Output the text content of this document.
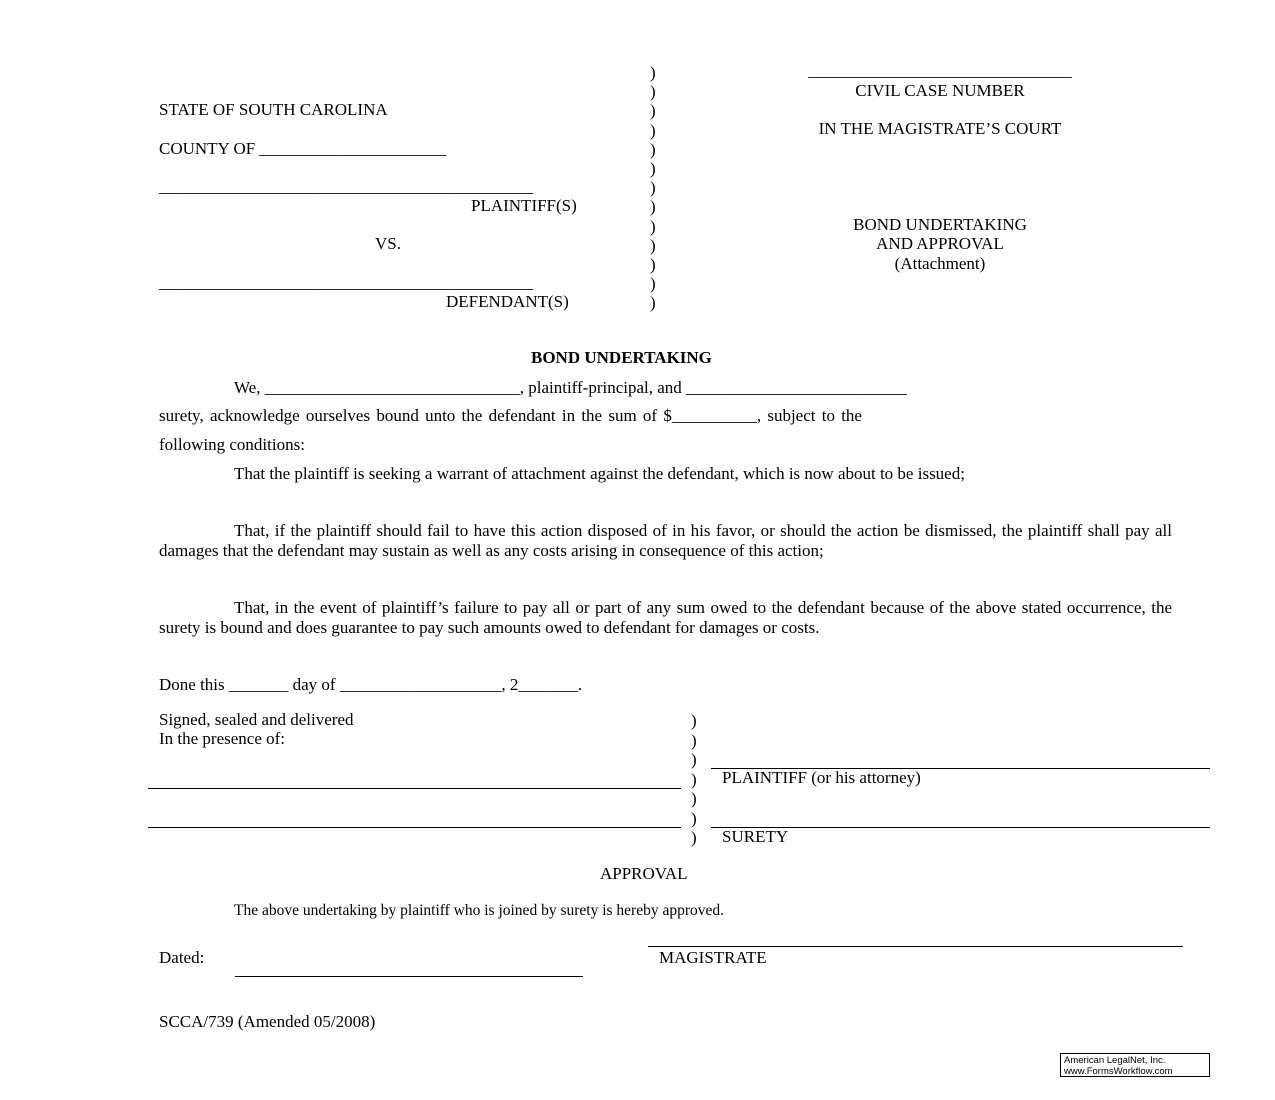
STATE OF SOUTH CAROLINA
COUNTY OF ______________________
____________________________________________
PLAINTIFF(S)
VS.
____________________________________________
DEFENDANT(S)
)
)
)
)
)
)
)
)
)
)
)
)
)
_______________________________
CIVIL CASE NUMBER
IN THE MAGISTRATE’S COURT
BOND UNDERTAKING
AND APPROVAL
(Attachment)
BOND UNDERTAKING
We, ______________________________, plaintiff-principal, and __________________________
surety, acknowledge ourselves bound unto the defendant in the sum of $__________, subject to the
following conditions:
That the plaintiff is seeking a warrant of attachment against the defendant, which is now about to be issued;
That, if the plaintiff should fail to have this action disposed of in his favor, or should the action be dismissed, the plaintiff shall pay all damages that the defendant may sustain as well as any costs arising in consequence of this action;
That, in the event of plaintiff’s failure to pay all or part of any sum owed to the defendant because of the above stated occurrence, the surety is bound and does guarantee to pay such amounts owed to defendant for damages or costs.
Done this _______ day of ___________________, 2_______.
Signed, sealed and delivered
In the presence of:
)
)
)
)
)
)
)
PLAINTIFF (or his attorney)
SURETY
APPROVAL
The above undertaking by plaintiff who is joined by surety is hereby approved.
Dated:	MAGISTRATE
SCCA/739 (Amended 05/2008)
American LegalNet, Inc.
www.FormsWorkflow.com
